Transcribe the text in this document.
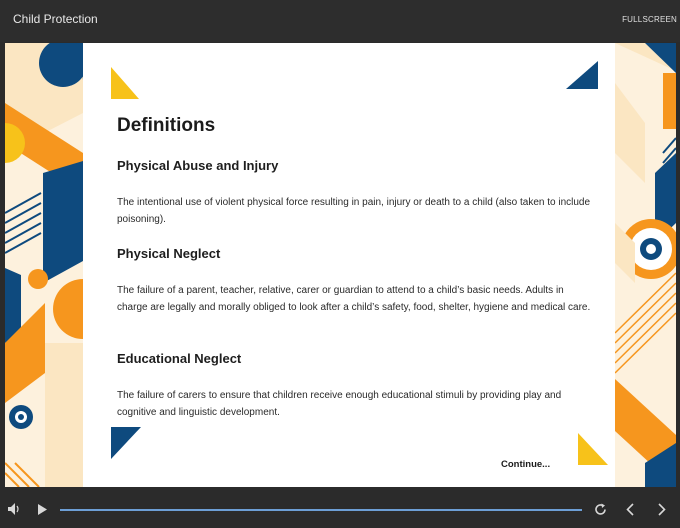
Child Protection	FULLSCREEN
Definitions
Physical Abuse and Injury
The intentional use of violent physical force resulting in pain, injury or death to a child (also taken to include poisoning).
Physical Neglect
The failure of a parent, teacher, relative, carer or guardian to attend to a child’s basic needs. Adults in charge are legally and morally obliged to look after a child’s safety, food, shelter, hygiene and medical care.
Educational Neglect
The failure of carers to ensure that children receive enough educational stimuli by providing play and cognitive and linguistic development.
Continue...
